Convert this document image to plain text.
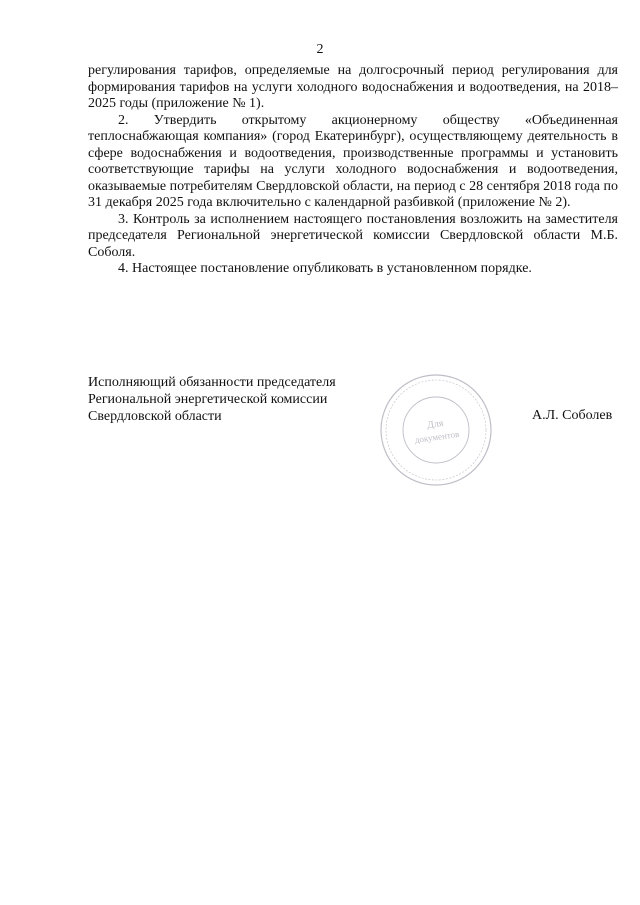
2

регулирования тарифов, определяемые на долгосрочный период регулирования для формирования тарифов на услуги холодного водоснабжения и водоотведения, на 2018–2025 годы (приложение № 1).

2. Утвердить открытому акционерному обществу «Объединенная теплоснабжающая компания» (город Екатеринбург), осуществляющему деятельность в сфере водоснабжения и водоотведения, производственные программы и установить соответствующие тарифы на услуги холодного водоснабжения и водоотведения, оказываемые потребителям Свердловской области, на период с 28 сентября 2018 года по 31 декабря 2025 года включительно с календарной разбивкой (приложение № 2).

3. Контроль за исполнением настоящего постановления возложить на заместителя председателя Региональной энергетической комиссии Свердловской области М.Б. Соболя.

4. Настоящее постановление опубликовать в установленном порядке.

Исполняющий обязанности председателя
Региональной энергетической комиссии
Свердловской области
Для
документов
А.Л. Соболев
